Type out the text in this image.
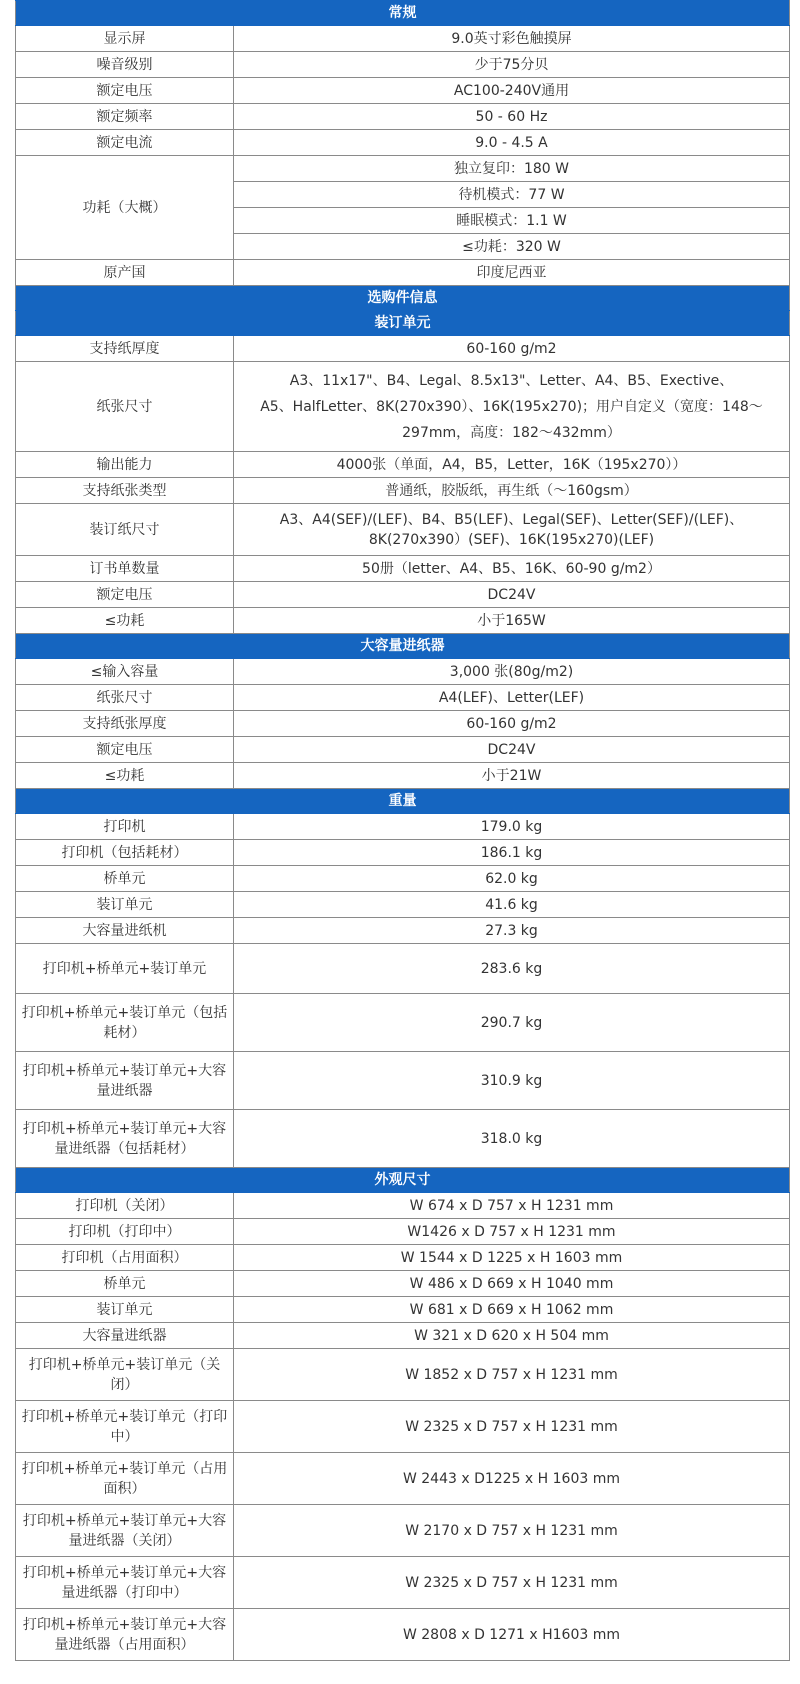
常规	
显示屏	9.0英寸彩色触摸屏
噪音级别	少于75分贝
额定电压	AC100-240V通用
额定频率	50 - 60 Hz
额定电流	9.0 - 4.5 A
功耗（大概）	独立复印：180 W
	待机模式：77 W
	睡眠模式：1.1 W
	≤功耗：320 W
原产国	印度尼西亚
选购件信息	
装订单元	
支持纸厚度	60-160 g/m2
纸张尺寸	A3、11x17"、B4、Legal、8.5x13"、Letter、A4、B5、Exective、
A5、HalfLetter、8K(270x390）、16K(195x270)；用户自定义（宽度：148～297mm，高度：182～432mm）

输出能力	4000张（单面，A4，B5，Letter，16K（195x270））
支持纸张类型	普通纸，胶版纸，再生纸（～160gsm）
装订纸尺寸	A3、A4(SEF)/(LEF)、B4、B5(LEF)、Legal(SEF)、Letter(SEF)/(LEF)、
8K(270x390）(SEF)、16K(195x270)(LEF)

订书单数量	50册（letter、A4、B5、16K、60-90 g/m2）
额定电压	DC24V
≤功耗	小于165W
大容量进纸器	
≤输入容量	3,000 张(80g/m2)
纸张尺寸	A4(LEF)、Letter(LEF)
支持纸张厚度	60-160 g/m2
额定电压	DC24V
≤功耗	小于21W
重量	
打印机	179.0 kg
打印机（包括耗材）	186.1 kg
桥单元	62.0 kg
装订单元	41.6 kg
大容量进纸机	27.3 kg
打印机+桥单元+装订单元	283.6 kg
打印机+桥单元+装订单元（包括耗材）	290.7 kg
打印机+桥单元+装订单元+大容量进纸器	310.9 kg
打印机+桥单元+装订单元+大容量进纸器（包括耗材）	318.0 kg
外观尺寸	
打印机（关闭）	W 674 x D 757 x H 1231 mm
打印机（打印中）	W1426 x D 757 x H 1231 mm
打印机（占用面积）	W 1544 x D 1225 x H 1603 mm
桥单元	W 486 x D 669 x H 1040 mm
装订单元	W 681 x D 669 x H 1062 mm
大容量进纸器	W 321 x D 620 x H 504 mm
打印机+桥单元+装订单元（关闭）	W 1852 x D 757 x H 1231 mm
打印机+桥单元+装订单元（打印中）	W 2325 x D 757 x H 1231 mm
打印机+桥单元+装订单元（占用面积）	W 2443 x D1225 x H 1603 mm
打印机+桥单元+装订单元+大容量进纸器（关闭）	W 2170 x D 757 x H 1231 mm
打印机+桥单元+装订单元+大容量进纸器（打印中）	W 2325 x D 757 x H 1231 mm
打印机+桥单元+装订单元+大容量进纸器（占用面积）	W 2808 x D 1271 x H1603 mm
